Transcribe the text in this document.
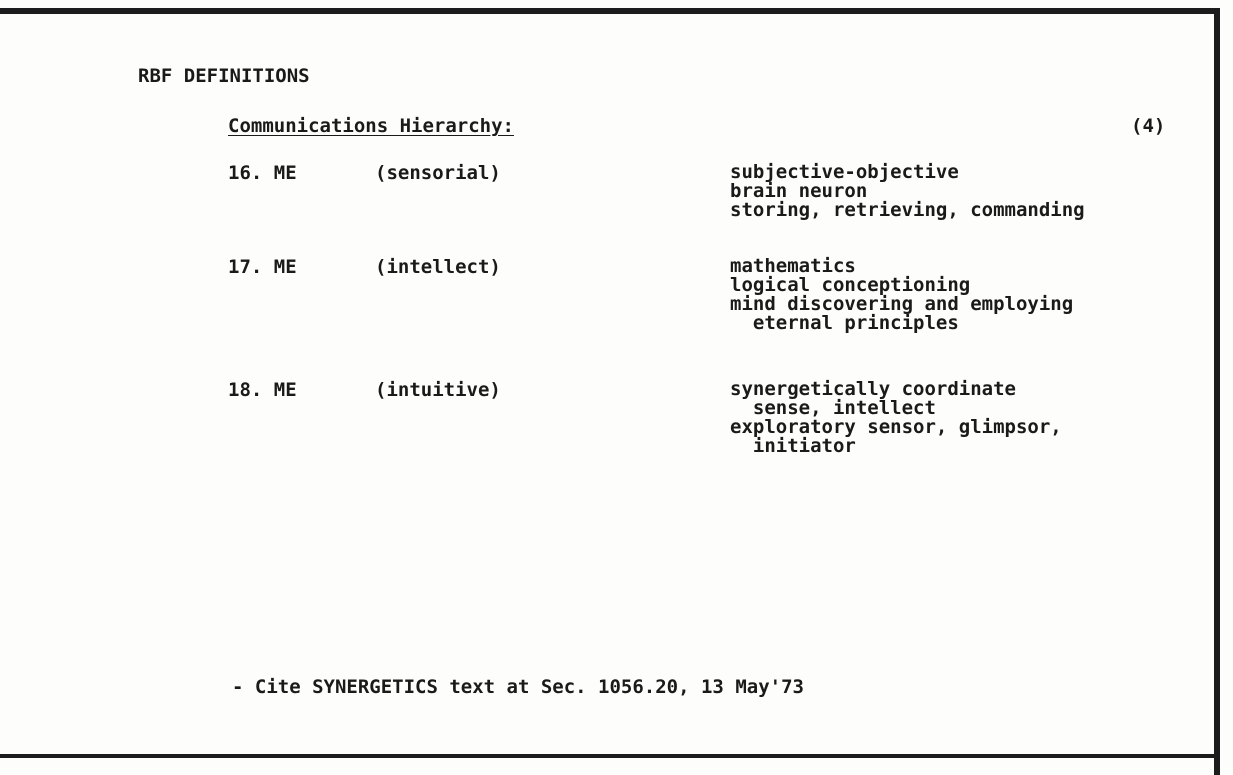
RBF DEFINITIONS
Communications Hierarchy:	(4)
16. ME	(sensorial)	subjective-objective
brain neuron
storing, retrieving, commanding
17. ME	(intellect)	mathematics
logical conceptioning
mind discovering and employing
eternal principles
18. ME	(intuitive)	synergetically coordinate
sense, intellect
exploratory sensor, glimpsor,
initiator
- Cite SYNERGETICS text at Sec. 1056.20, 13 May'73
